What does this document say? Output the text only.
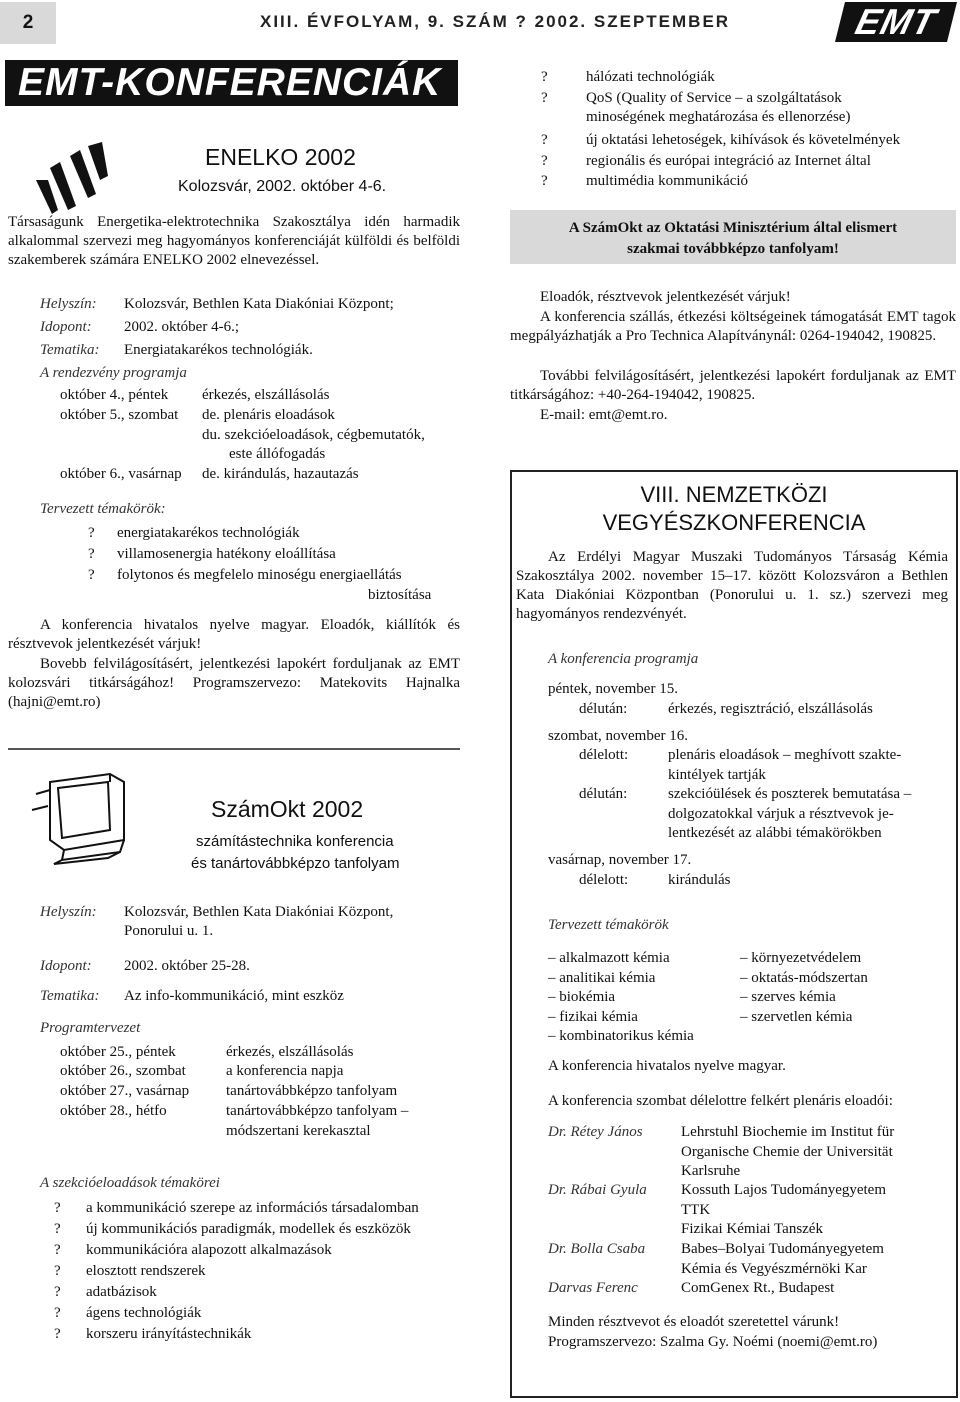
2	XIII. ÉVFOLYAM, 9. SZÁM ? 2002. SZEPTEMBER	EMT
EMT-KONFERENCIÁK
ENELKO 2002
Kolozsvár, 2002. október 4-6.

Társaságunk Energetika-elektrotechnika Szakosztálya idén harmadik alkalommal szervezi meg hagyományos konferenciáját külföldi és belföldi szakemberek számára ENELKO 2002 elnevezéssel.

Helyszín: Kolozsvár, Bethlen Kata Diakóniai Központ;
Idopont: 2002. október 4-6.;
Tematika: Energiatakarékos technológiák.
A rendezvény programja
október 4., péntek érkezés, elszállásolás
október 5., szombat de. plenáris eloadások
du. szekcióeloadások, cégbemutatók,
este állófogadás
október 6., vasárnap de. kirándulás, hazautazás
Tervezett témakörök:
? energiatakarékos technológiák
? villamosenergia hatékony eloállítása
? folytonos és megfelelo minoségu energiaellátás
biztosítása

A konferencia hivatalos nyelve magyar. Eloadók, kiállítók és résztvevok jelentkezését várjuk!

Bovebb felvilágosításért, jelentkezési lapokért forduljanak az EMT kolozsvári titkárságához! Programszervezo: Matekovits Hajnalka (hajni@emt.ro)

SzámOkt 2002
számítástechnika konferencia
és tanártovábbképzo tanfolyam
Helyszín: Kolozsvár, Bethlen Kata Diakóniai Központ,
Ponorului u. 1.
Idopont: 2002. október 25-28.
Tematika: Az info-kommunikáció, mint eszköz
Programtervezet
október 25., péntek	érkezés, elszállásolás
október 26., szombat	a konferencia napja
október 27., vasárnap tanártovábbképzo tanfolyam
október 28., hétfo	tanártovábbképzo tanfolyam –
módszertani kerekasztal
A szekcióeloadások témakörei
? a kommunikáció szerepe az információs társadalomban
? új kommunikációs paradigmák, modellek és eszközök
? kommunikációra alapozott alkalmazások
? elosztott rendszerek
? adatbázisok
? ágens technológiák
? korszeru irányítástechnikák
?	hálózati technológiák
?	QoS (Quality of Service – a szolgáltatások
minoségének meghatározása és ellenorzése)
?	új oktatási lehetoségek, kihívások és követelmények
?	regionális és európai integráció az Internet által
?	multimédia kommunikáció
A SzámOkt az Oktatási Minisztérium által elismert
szakmai továbbképzo tanfolyam!

Eloadók, résztvevok jelentkezését várjuk!

A konferencia szállás, étkezési költségeinek támogatását EMT tagok megpályázhatják a Pro Technica Alapítványnál: 0264-194042, 190825.

További felvilágosításért, jelentkezési lapokért forduljanak az EMT titkárságához: +40-264-194042, 190825.

E-mail: emt@emt.ro.

VIII. NEMZETKÖZI
VEGYÉSZKONFERENCIA

Az Erdélyi Magyar Muszaki Tudományos Társaság Kémia Szakosztálya 2002. november 15–17. között Kolozsváron a Bethlen Kata Diakóniai Központban (Ponorului u. 1. sz.) szervezi meg hagyományos rendezvényét.

A konferencia programja
péntek, november 15.
délután:	érkezés, regisztráció, elszállásolás
szombat, november 16.
délelott:	plenáris eloadások – meghívott szakte-
kintélyek tartják
délután:	szekcióülések és poszterek bemutatása –
dolgozatokkal várjuk a résztvevok je-
lentkezését az alábbi témakörökben
vasárnap, november 17.
délelott:	kirándulás
Tervezett témakörök
– alkalmazott kémia
– analitikai kémia
– biokémia
– fizikai kémia
– kombinatorikus kémia
– környezetvédelem
– oktatás-módszertan
– szerves kémia
– szervetlen kémia
A konferencia hivatalos nyelve magyar.
A konferencia szombat délelottre felkért plenáris eloadói:
Dr. Rétey János	Lehrstuhl Biochemie im Institut für
Organische Chemie der Universität
Karlsruhe
Dr. Rábai Gyula Kossuth Lajos Tudományegyetem
TTK
Fizikai Kémiai Tanszék
Dr. Bolla Csaba Babes–Bolyai Tudományegyetem
Kémia és Vegyészmérnöki Kar
Darvas Ferenc	ComGenex Rt., Budapest
Minden résztvevot és eloadót szeretettel várunk!
Programszervezo: Szalma Gy. Noémi (noemi@emt.ro)
